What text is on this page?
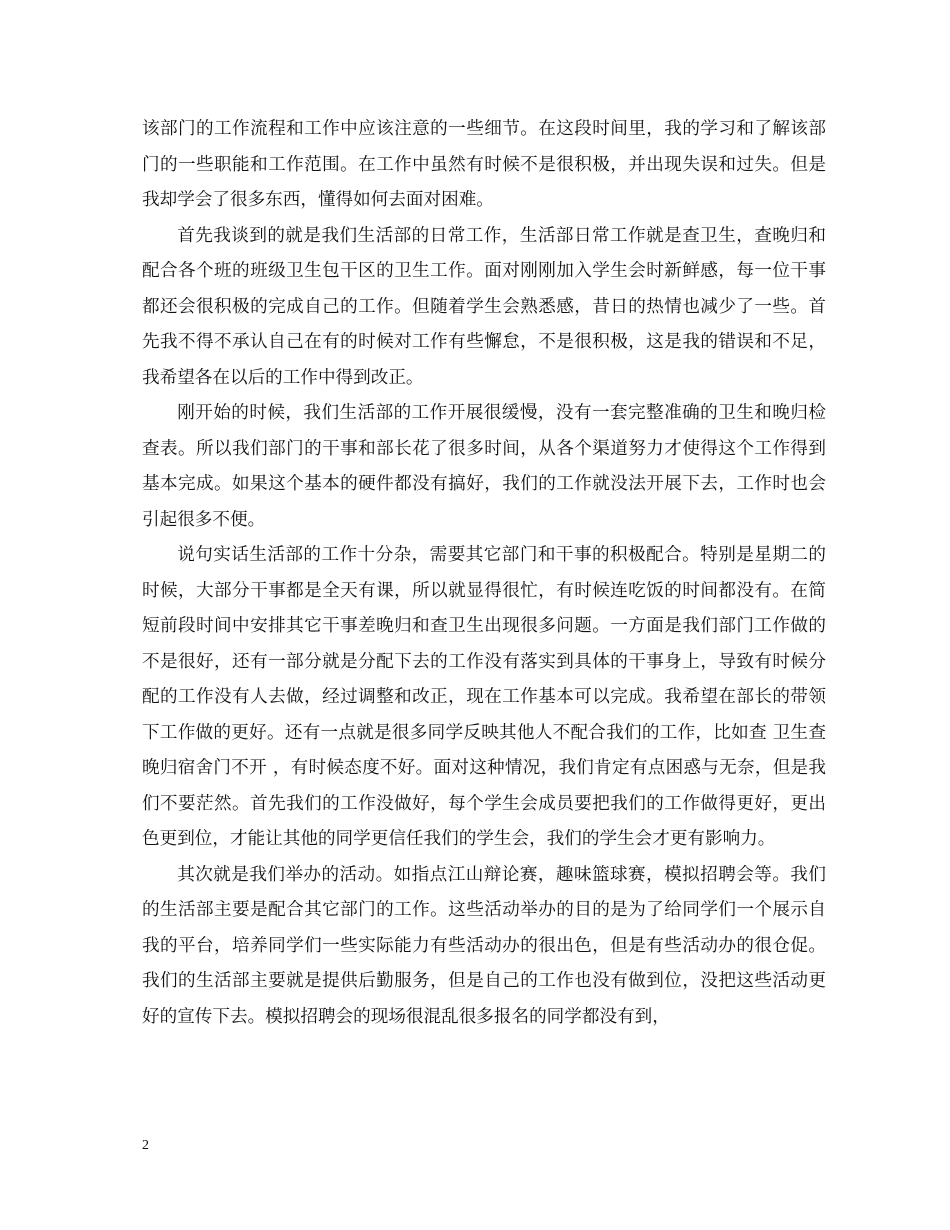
该部门的工作流程和工作中应该注意的一些细节。在这段时间里，我的学习和了解该部门的一些职能和工作范围。在工作中虽然有时候不是很积极，并出现失误和过失。但是我却学会了很多东西，懂得如何去面对困难。

首先我谈到的就是我们生活部的日常工作，生活部日常工作就是查卫生，查晚归和配合各个班的班级卫生包干区的卫生工作。面对刚刚加入学生会时新鲜感，每一位干事都还会很积极的完成自己的工作。但随着学生会熟悉感，昔日的热情也减少了一些。首先我不得不承认自己在有的时候对工作有些懈怠，不是很积极，这是我的错误和不足，我希望各在以后的工作中得到改正。

刚开始的时候，我们生活部的工作开展很缓慢，没有一套完整准确的卫生和晚归检查表。所以我们部门的干事和部长花了很多时间，从各个渠道努力才使得这个工作得到基本完成。如果这个基本的硬件都没有搞好，我们的工作就没法开展下去，工作时也会引起很多不便。

说句实话生活部的工作十分杂，需要其它部门和干事的积极配合。特别是星期二的时候，大部分干事都是全天有课，所以就显得很忙，有时候连吃饭的时间都没有。在简短前段时间中安排其它干事差晚归和查卫生出现很多问题。一方面是我们部门工作做的不是很好，还有一部分就是分配下去的工作没有落实到具体的干事身上，导致有时候分配的工作没有人去做，经过调整和改正，现在工作基本可以完成。我希望在部长的带领下工作做的更好。还有一点就是很多同学反映其他人不配合我们的工作，比如查 卫生查晚归宿舍门不开 ，有时候态度不好。面对这种情况，我们肯定有点困惑与无奈，但是我们不要茫然。首先我们的工作没做好，每个学生会成员要把我们的工作做得更好，更出色更到位，才能让其他的同学更信任我们的学生会，我们的学生会才更有影响力。

其次就是我们举办的活动。如指点江山辩论赛，趣味篮球赛，模拟招聘会等。我们的生活部主要是配合其它部门的工作。这些活动举办的目的是为了给同学们一个展示自我的平台，培养同学们一些实际能力有些活动办的很出色，但是有些活动办的很仓促。我们的生活部主要就是提供后勤服务，但是自己的工作也没有做到位，没把这些活动更好的宣传下去。模拟招聘会的现场很混乱很多报名的同学都没有到，

2
